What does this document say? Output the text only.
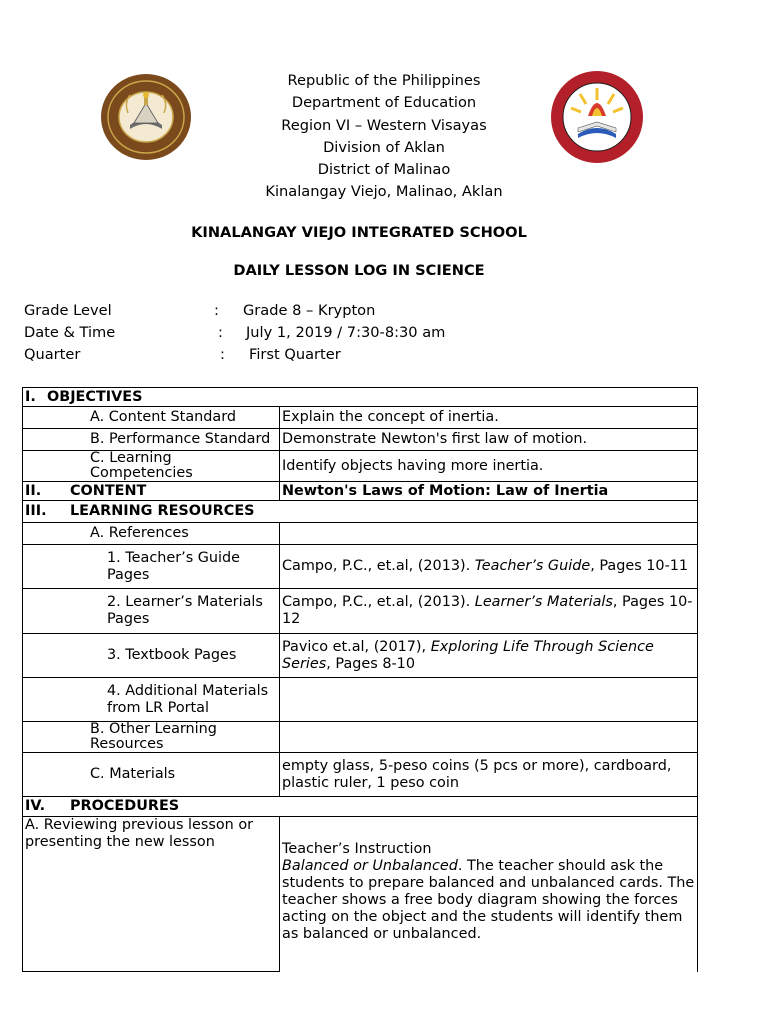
Republic of the Philippines
Department of Education
Region VI – Western Visayas
Division of Aklan
District of Malinao
Kinalangay Viejo, Malinao, Aklan
KINALANGAY VIEJO INTEGRATED SCHOOL
DAILY LESSON LOG IN SCIENCE
Grade Level	: Grade 8 – Krypton
Date & Time	: July 1, 2019 / 7:30-8:30 am
Quarter	: First Quarter
I. OBJECTIVES	
A. Content Standard	Explain the concept of inertia.
B. Performance Standard	Demonstrate Newton's first law of motion.
C. Learning Competencies	Identify objects having more inertia.
II. CONTENT	Newton's Laws of Motion: Law of Inertia
III. LEARNING RESOURCES	
A. References	
1. Teacher’s Guide Pages	Campo, P.C., et.al, (2013). Teacher’s Guide, Pages 10-11
2. Learner’s Materials Pages	Campo, P.C., et.al, (2013). Learner’s Materials, Pages 10-12
3. Textbook Pages	Pavico et.al, (2017), Exploring Life Through Science Series, Pages 8-10
4. Additional Materials from LR Portal	
B. Other Learning Resources	
C. Materials	empty glass, 5-peso coins (5 pcs or more), cardboard, plastic ruler, 1 peso coin
IV. PROCEDURES	
A. Reviewing previous lesson or presenting the new lesson	Teacher’s Instruction
Balanced or Unbalanced. The teacher should ask the students to prepare balanced and unbalanced cards. The teacher shows a free body diagram showing the forces acting on the object and the students will identify them as balanced or unbalanced.
